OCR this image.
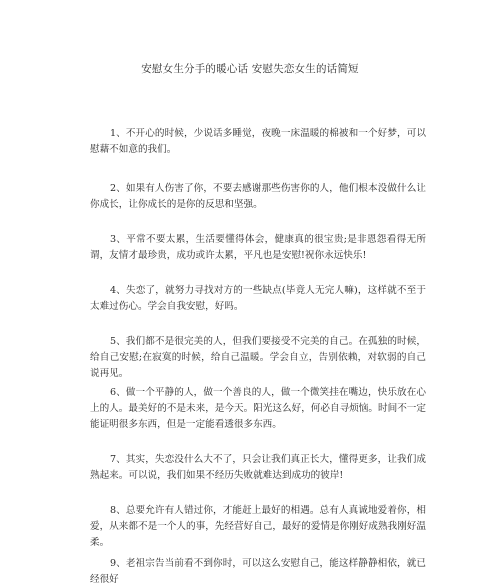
安慰女生分手的暖心话 安慰失恋女生的话简短

1、不开心的时候，少说话多睡觉，夜晚一床温暖的棉被和一个好梦，可以慰藉不如意的我们。

2、如果有人伤害了你，不要去感谢那些伤害你的人，他们根本没做什么让你成长，让你成长的是你的反思和坚强。

3、平常不要太累，生活要懂得体会，健康真的很宝贵;是非恩怨看得无所谓，友情才最珍贵，成功或许太累，平凡也是安慰!祝你永远快乐!

4、失恋了，就努力寻找对方的一些缺点(毕竟人无完人嘛)，这样就不至于太难过伤心。学会自我安慰，好吗。

5、我们都不是很完美的人，但我们要接受不完美的自己。在孤独的时候，给自己安慰;在寂寞的时候，给自己温暖。学会自立，告别依赖，对软弱的自己说再见。

6、做一个平静的人，做一个善良的人，做一个微笑挂在嘴边，快乐放在心上的人。最美好的不是未来，是今天。阳光这么好，何必自寻烦恼。时间不一定能证明很多东西，但是一定能看透很多东西。

7、其实，失恋没什么大不了，只会让我们真正长大，懂得更多，让我们成熟起来。可以说，我们如果不经历失败就难达到成功的彼岸!

8、总要允许有人错过你，才能赶上最好的相遇。总有人真诚地爱着你，相爱，从来都不是一个人的事，先经营好自己，最好的爱情是你刚好成熟我刚好温柔。

9、老祖宗告当前看不到你时，可以这么安慰自己，能这样静静相依，就已经很好
